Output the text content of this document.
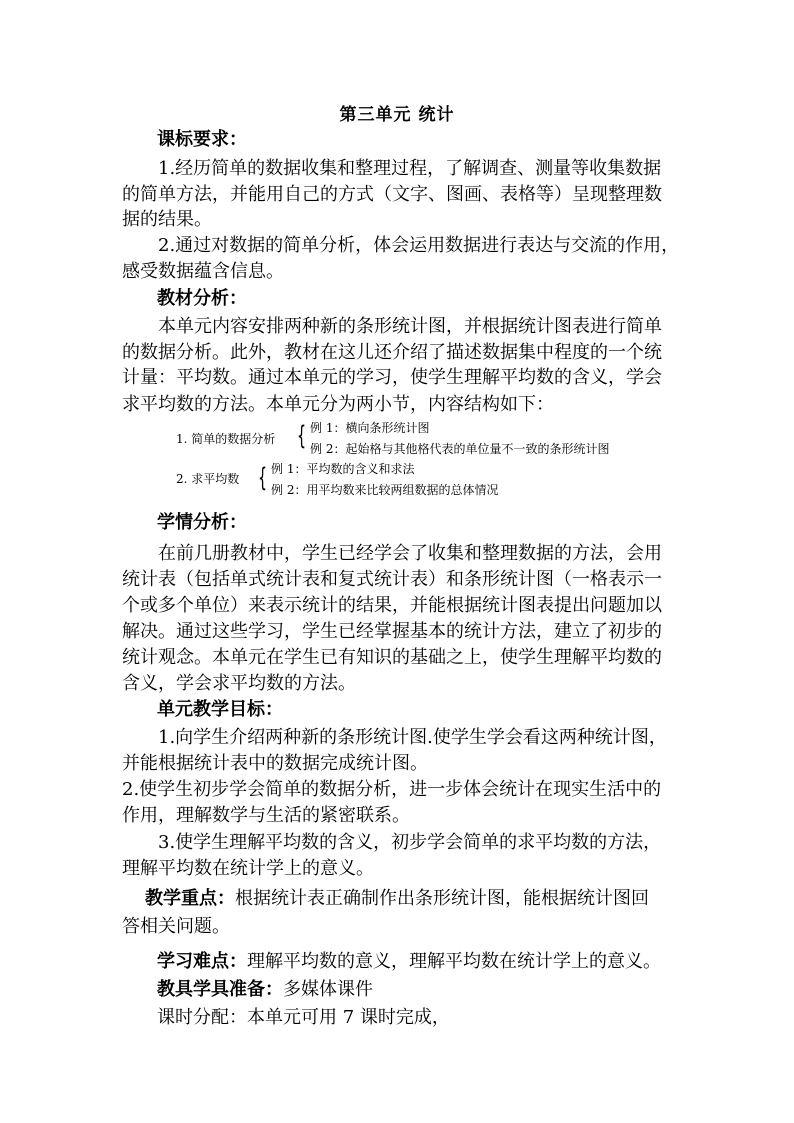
第三单元 统计
课标要求：
1.经历简单的数据收集和整理过程，了解调查、测量等收集数据
的简单方法，并能用自己的方式（文字、图画、表格等）呈现整理数
据的结果。
2.通过对数据的简单分析，体会运用数据进行表达与交流的作用，
感受数据蕴含信息。
教材分析：
本单元内容安排两种新的条形统计图，并根据统计图表进行简单
的数据分析。此外，教材在这儿还介绍了描述数据集中程度的一个统
计量：平均数。通过本单元的学习，使学生理解平均数的含义，学会
求平均数的方法。本单元分为两小节，内容结构如下：
1. 简单的数据分析 { 例 1：横向条形统计图
例 2：起始格与其他格代表的单位量不一致的条形统计图
2. 求平均数 { 例 1：平均数的含义和求法
例 2：用平均数来比较两组数据的总体情况
学情分析：
在前几册教材中，学生已经学会了收集和整理数据的方法，会用
统计表（包括单式统计表和复式统计表）和条形统计图（一格表示一
个或多个单位）来表示统计的结果，并能根据统计图表提出问题加以
解决。通过这些学习，学生已经掌握基本的统计方法，建立了初步的
统计观念。本单元在学生已有知识的基础之上，使学生理解平均数的
含义，学会求平均数的方法。
单元教学目标：
1.向学生介绍两种新的条形统计图.使学生学会看这两种统计图，
并能根据统计表中的数据完成统计图。
2.使学生初步学会简单的数据分析，进一步体会统计在现实生活中的
作用，理解数学与生活的紧密联系。
3.使学生理解平均数的含义，初步学会简单的求平均数的方法，
理解平均数在统计学上的意义。
教学重点：根据统计表正确制作出条形统计图，能根据统计图回
答相关问题。
学习难点：理解平均数的意义，理解平均数在统计学上的意义。
教具学具准备：多媒体课件
课时分配：本单元可用 7 课时完成，
